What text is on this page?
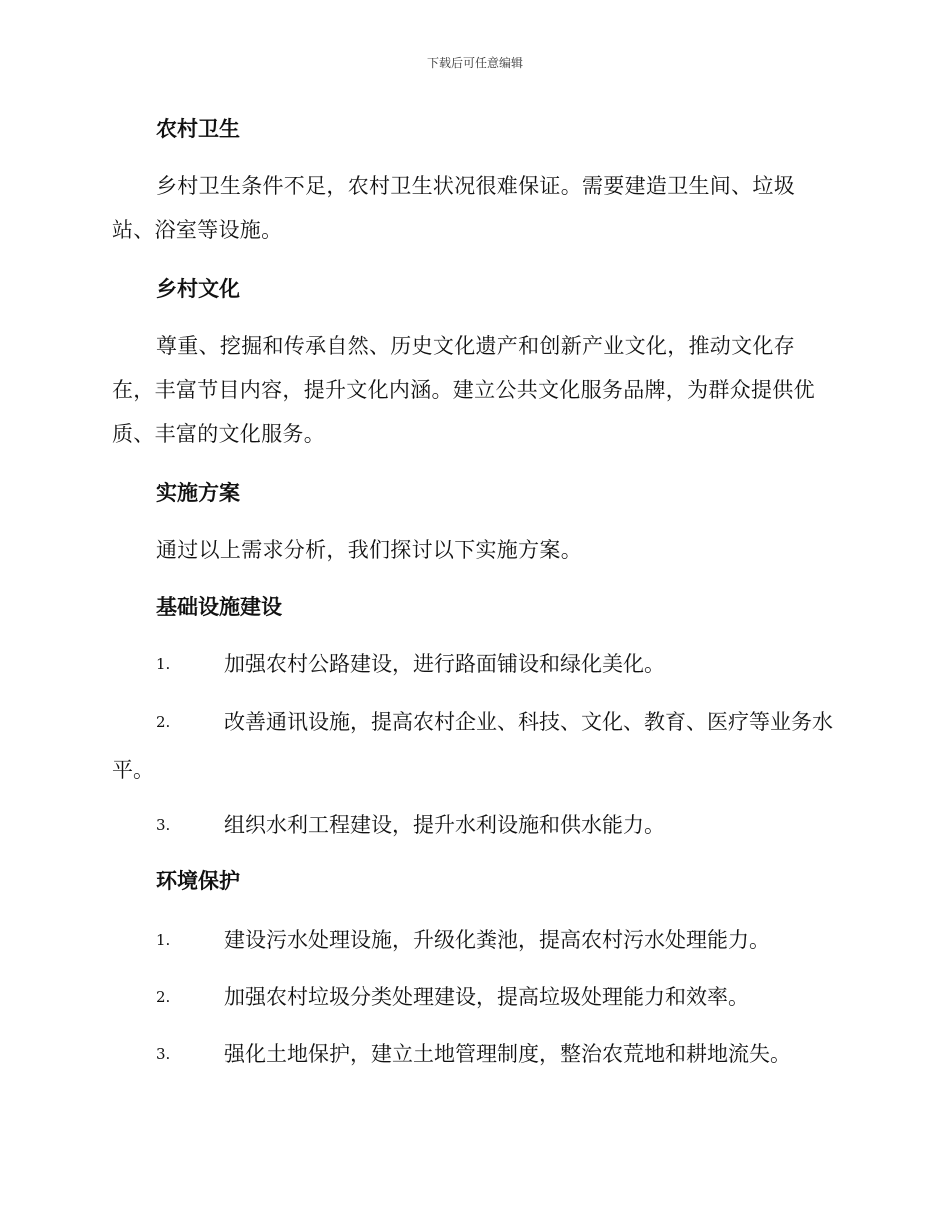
下载后可任意编辑
农村卫生
乡村卫生条件不足，农村卫生状况很难保证。需要建造卫生间、垃圾站、浴室等设施。
乡村文化
尊重、挖掘和传承自然、历史文化遗产和创新产业文化，推动文化存在，丰富节目内容，提升文化内涵。建立公共文化服务品牌，为群众提供优质、丰富的文化服务。
实施方案
通过以上需求分析，我们探讨以下实施方案。
基础设施建设
1.	加强农村公路建设，进行路面铺设和绿化美化。
2.	改善通讯设施，提高农村企业、科技、文化、教育、医疗等业务水平。
3.	组织水利工程建设，提升水利设施和供水能力。
环境保护
1.	建设污水处理设施，升级化粪池，提高农村污水处理能力。
2.	加强农村垃圾分类处理建设，提高垃圾处理能力和效率。
3.	强化土地保护，建立土地管理制度，整治农荒地和耕地流失。
